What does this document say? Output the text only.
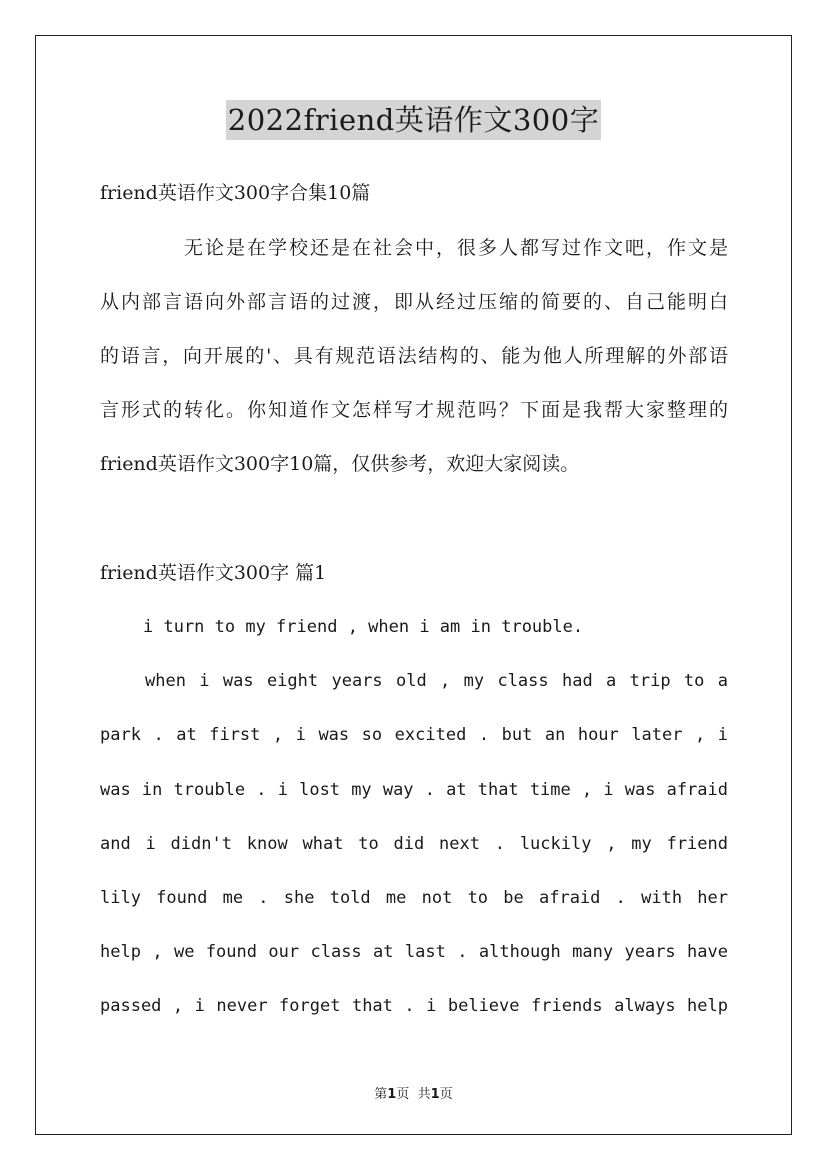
2022friend英语作文300字
friend英语作文300字合集10篇
无论是在学校还是在社会中，很多人都写过作文吧，作文是
从内部言语向外部言语的过渡，即从经过压缩的简要的、自己能明白
的语言，向开展的'、具有规范语法结构的、能为他人所理解的外部语
言形式的转化。你知道作文怎样写才规范吗？下面是我帮大家整理的
friend英语作文300字10篇，仅供参考，欢迎大家阅读。
friend英语作文300字 篇1
i turn to my friend , when i am in trouble.
when i was eight years old , my class had a trip to a
park . at first , i was so excited . but an hour later , i
was in trouble . i lost my way . at that time , i was afraid
and i didn't know what to did next . luckily , my friend
lily found me . she told me not to be afraid . with her
help , we found our class at last . although many years have
passed , i never forget that . i believe friends always help
第1页 共1页
